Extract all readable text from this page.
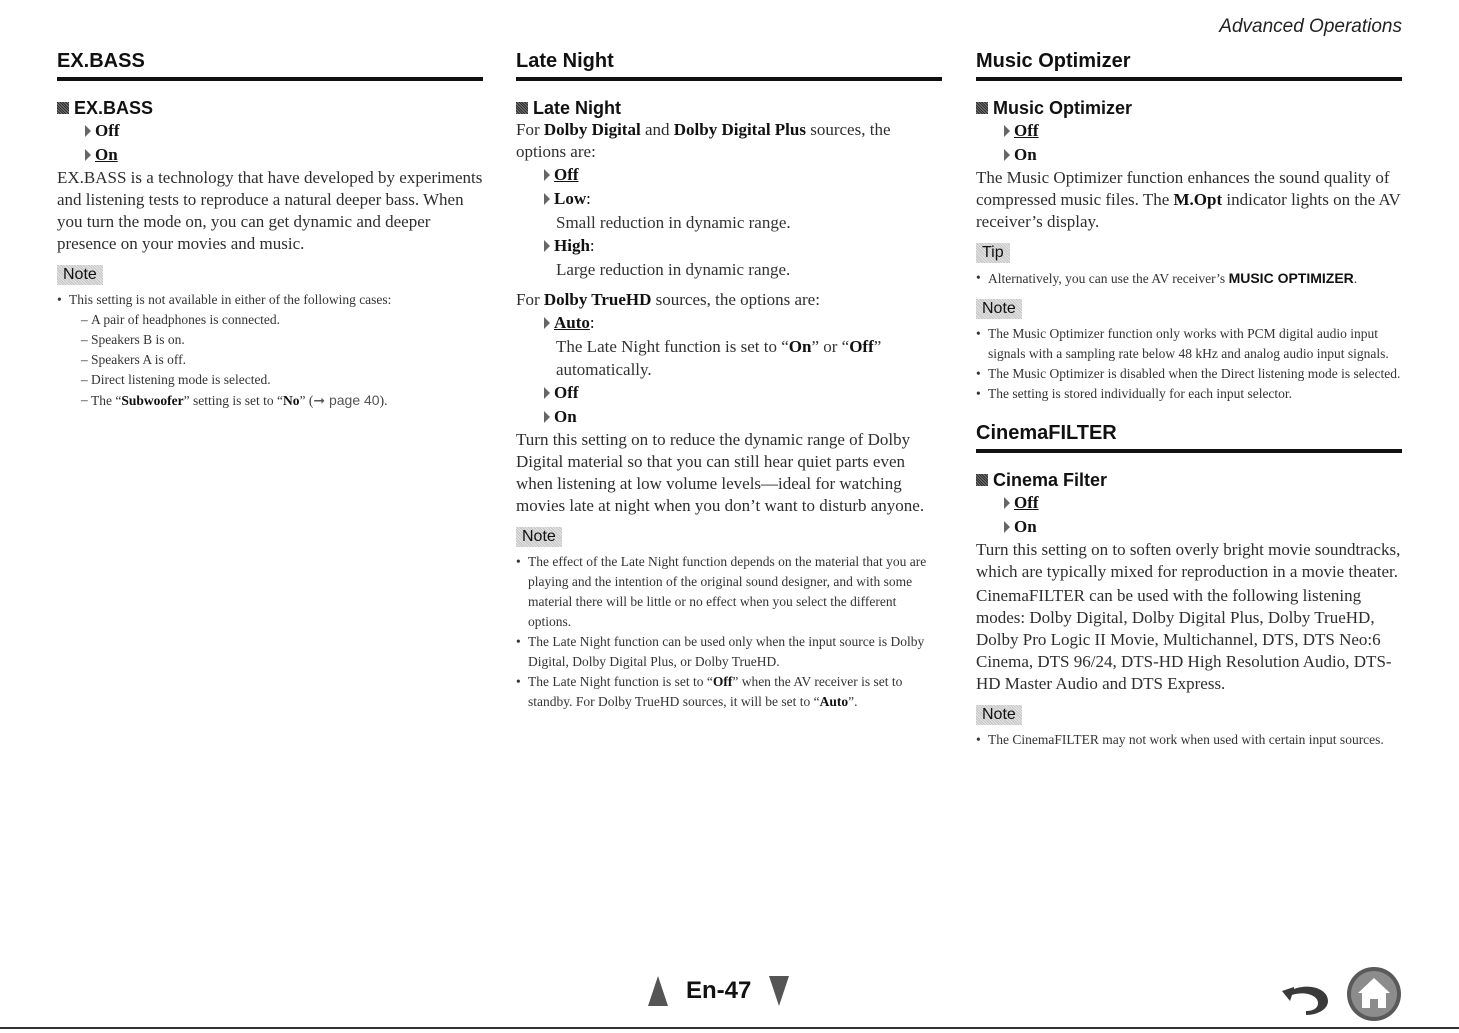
Advanced Operations
EX.BASS
EX.BASS
Off
On

EX.BASS is a technology that have developed by experiments and listening tests to reproduce a natural deeper bass. When you turn the mode on, you can get dynamic and deeper presence on your movies and music.

Note
• This setting is not available in either of the following cases:
– A pair of headphones is connected.
– Speakers B is on.
– Speakers A is off.
– Direct listening mode is selected.
– The “Subwoofer” setting is set to “No” (➞ page 40).
Late Night
Late Night

For Dolby Digital and Dolby Digital Plus sources, the options are:

Off
Low:
Small reduction in dynamic range.
High:
Large reduction in dynamic range.

For Dolby TrueHD sources, the options are:

Auto:
The Late Night function is set to “On” or “Off” automatically.
Off
On

Turn this setting on to reduce the dynamic range of Dolby Digital material so that you can still hear quiet parts even when listening at low volume levels—ideal for watching movies late at night when you don’t want to disturb anyone.

Note
• The effect of the Late Night function depends on the material that you are playing and the intention of the original sound designer, and with some material there will be little or no effect when you select the different options.
• The Late Night function can be used only when the input source is Dolby Digital, Dolby Digital Plus, or Dolby TrueHD.
• The Late Night function is set to “Off” when the AV receiver is set to standby. For Dolby TrueHD sources, it will be set to “Auto”.
Music Optimizer
Music Optimizer
Off
On

The Music Optimizer function enhances the sound quality of compressed music files. The M.Opt indicator lights on the AV receiver’s display.

Tip
• Alternatively, you can use the AV receiver’s MUSIC OPTIMIZER.
Note
• The Music Optimizer function only works with PCM digital audio input signals with a sampling rate below 48 kHz and analog audio input signals.
• The Music Optimizer is disabled when the Direct listening mode is selected.
• The setting is stored individually for each input selector.
CinemaFILTER
Cinema Filter
Off
On

Turn this setting on to soften overly bright movie soundtracks, which are typically mixed for reproduction in a movie theater.

CinemaFILTER can be used with the following listening modes: Dolby Digital, Dolby Digital Plus, Dolby TrueHD, Dolby Pro Logic II Movie, Multichannel, DTS, DTS Neo:6 Cinema, DTS 96/24, DTS-HD High Resolution Audio, DTS-HD Master Audio and DTS Express.

Note
• The CinemaFILTER may not work when used with certain input sources.
En-47
